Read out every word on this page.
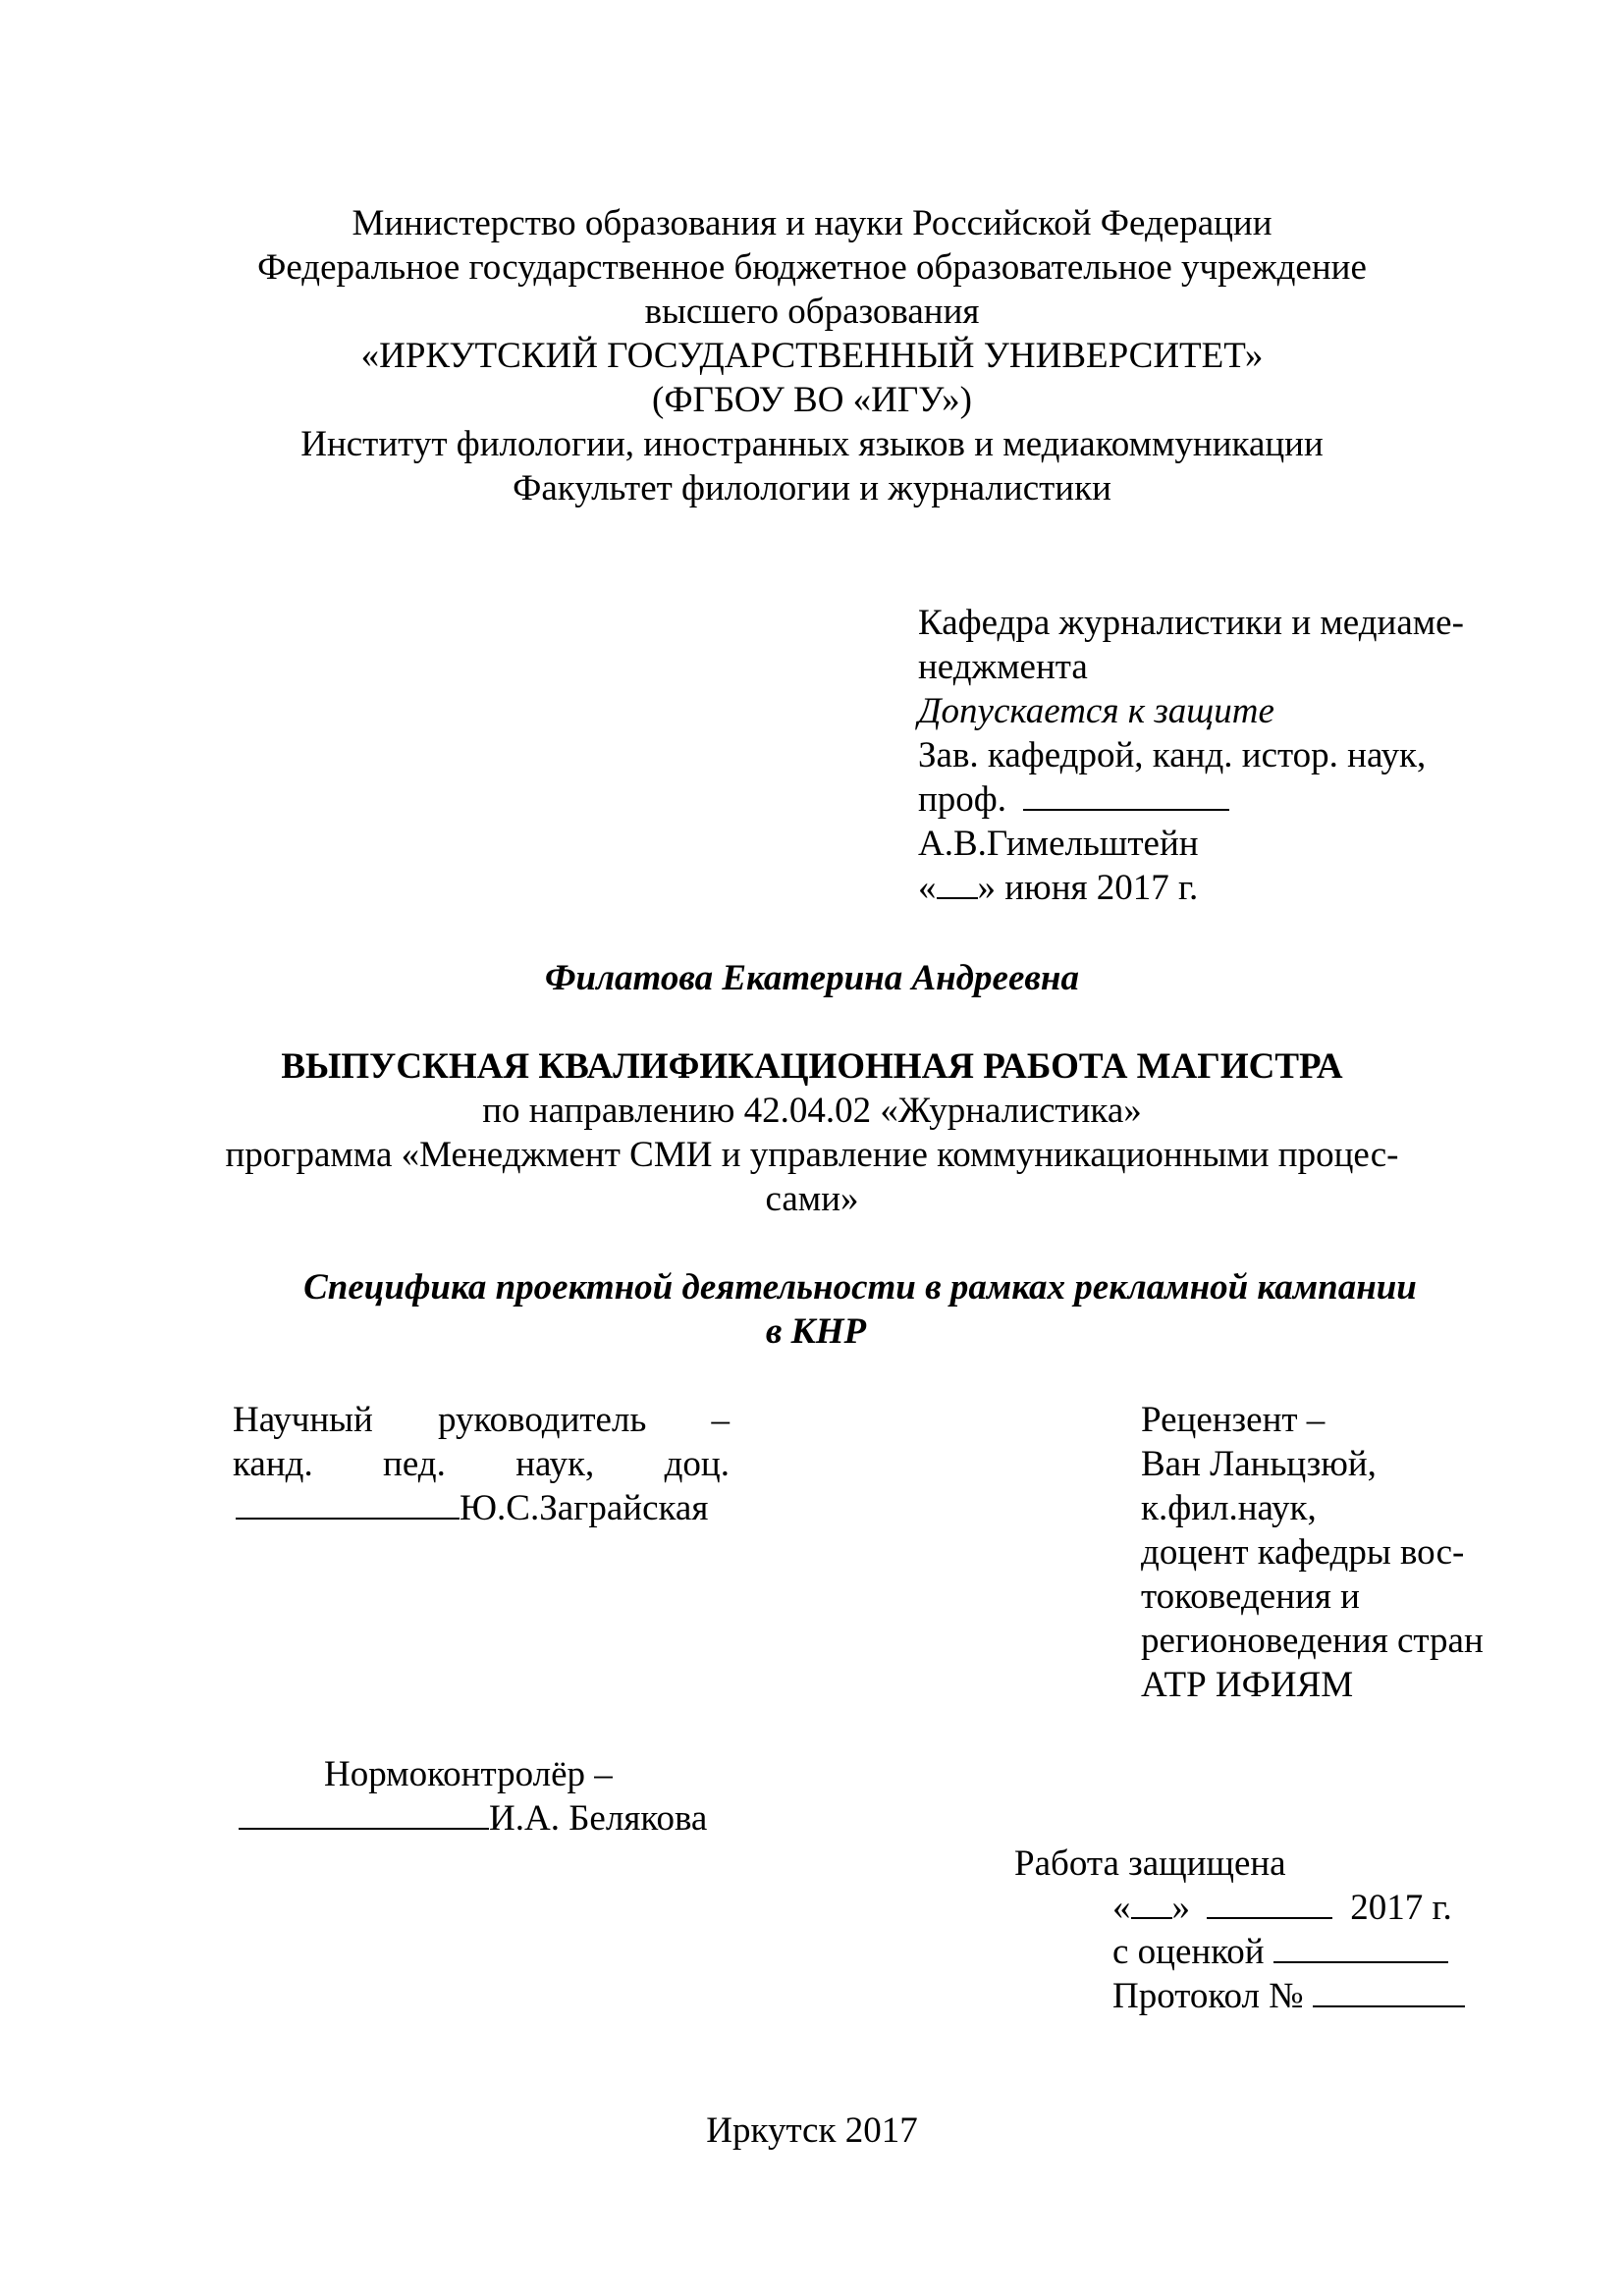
Министерство образования и науки Российской Федерации
Федеральное государственное бюджетное образовательное учреждение
высшего образования
«ИРКУТСКИЙ ГОСУДАРСТВЕННЫЙ УНИВЕРСИТЕТ»
(ФГБОУ ВО «ИГУ»)
Институт филологии, иностранных языков и медиакоммуникации
Факультет филологии и журналистики
Кафедра журналистики и медиаме-
неджмента
Допускается к защите
Зав. кафедрой, канд. истор. наук,
проф.
А.В.Гимельштейн
« » июня 2017 г.
Филатова Екатерина Андреевна
ВЫПУСКНАЯ КВАЛИФИКАЦИОННАЯ РАБОТА МАГИСТРА
по направлению 42.04.02 «Журналистика»
программа «Менеджмент СМИ и управление коммуникационными процес-
сами»
Специфика проектной деятельности в рамках рекламной кампании
в КНР
Научный руководитель –
канд. пед. наук, доц.
Ю.С.Заграйская
Рецензент –
Ван Ланьцзюй,
к.фил.наук,
доцент кафедры вос-
токоведения и
регионоведения стран
АТР ИФИЯМ
Нормоконтролёр –
И.А. Белякова
Работа защищена
« »	2017 г.
с оценкой
Протокол №
Иркутск 2017
